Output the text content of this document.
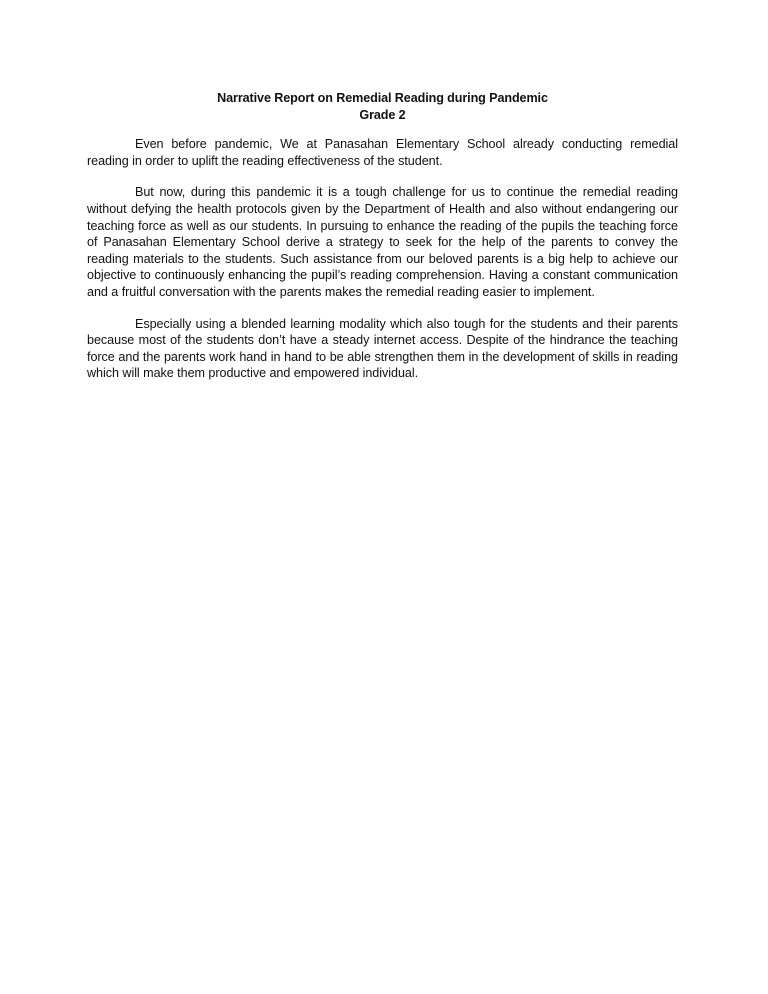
Narrative Report on Remedial Reading during Pandemic
Grade 2

Even before pandemic, We at Panasahan Elementary School already conducting remedial reading in order to uplift the reading effectiveness of the student.

But now, during this pandemic it is a tough challenge for us to continue the remedial reading without defying the health protocols given by the Department of Health and also without endangering our teaching force as well as our students. In pursuing to enhance the reading of the pupils the teaching force of Panasahan Elementary School derive a strategy to seek for the help of the parents to convey the reading materials to the students. Such assistance from our beloved parents is a big help to achieve our objective to continuously enhancing the pupil’s reading comprehension. Having a constant communication and a fruitful conversation with the parents makes the remedial reading easier to implement.

Especially using a blended learning modality which also tough for the students and their parents because most of the students don’t have a steady internet access. Despite of the hindrance the teaching force and the parents work hand in hand to be able strengthen them in the development of skills in reading which will make them productive and empowered individual.
